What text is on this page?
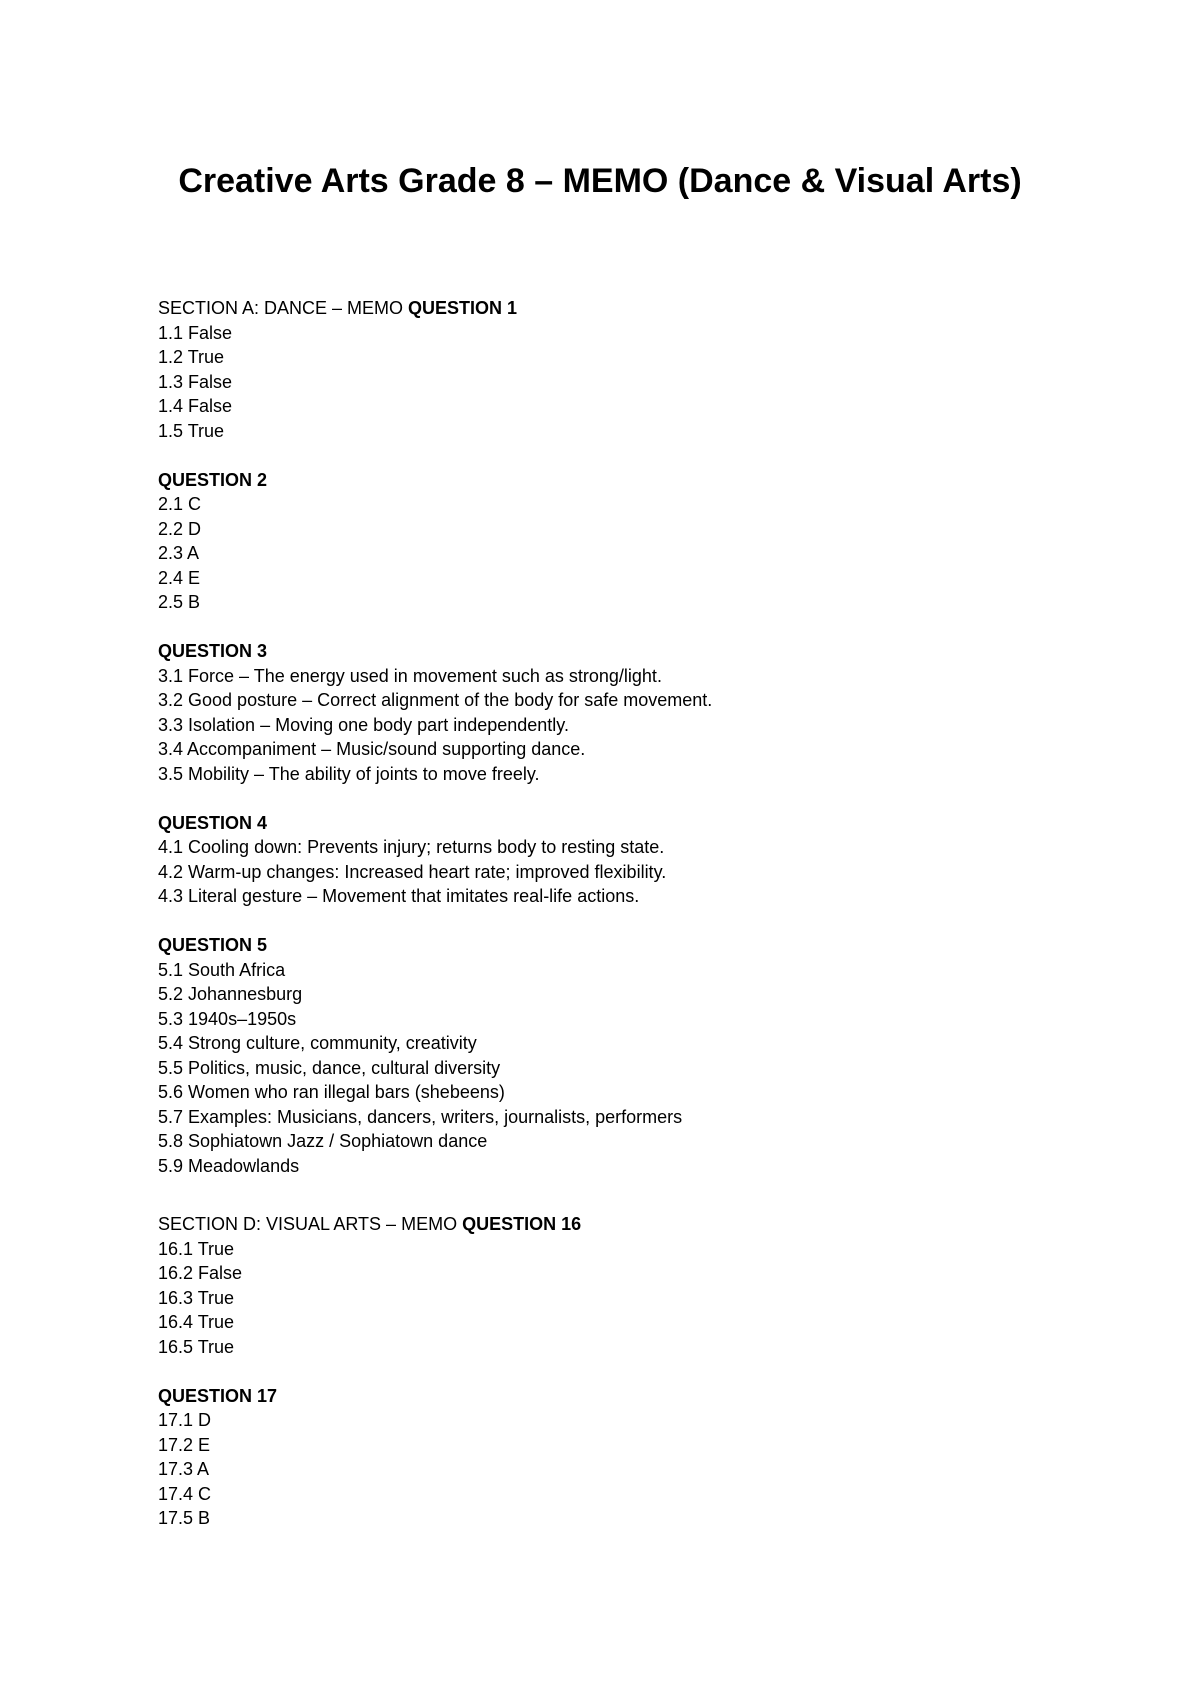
Creative Arts Grade 8 – MEMO (Dance & Visual Arts)
SECTION A: DANCE – MEMO QUESTION 1
1.1 False
1.2 True
1.3 False
1.4 False
1.5 True
QUESTION 2
2.1 C
2.2 D
2.3 A
2.4 E
2.5 B
QUESTION 3
3.1 Force – The energy used in movement such as strong/light.
3.2 Good posture – Correct alignment of the body for safe movement.
3.3 Isolation – Moving one body part independently.
3.4 Accompaniment – Music/sound supporting dance.
3.5 Mobility – The ability of joints to move freely.
QUESTION 4
4.1 Cooling down: Prevents injury; returns body to resting state.
4.2 Warm-up changes: Increased heart rate; improved flexibility.
4.3 Literal gesture – Movement that imitates real-life actions.
QUESTION 5
5.1 South Africa
5.2 Johannesburg
5.3 1940s–1950s
5.4 Strong culture, community, creativity
5.5 Politics, music, dance, cultural diversity
5.6 Women who ran illegal bars (shebeens)
5.7 Examples: Musicians, dancers, writers, journalists, performers
5.8 Sophiatown Jazz / Sophiatown dance
5.9 Meadowlands
SECTION D: VISUAL ARTS – MEMO QUESTION 16
16.1 True
16.2 False
16.3 True
16.4 True
16.5 True
QUESTION 17
17.1 D
17.2 E
17.3 A
17.4 C
17.5 B
